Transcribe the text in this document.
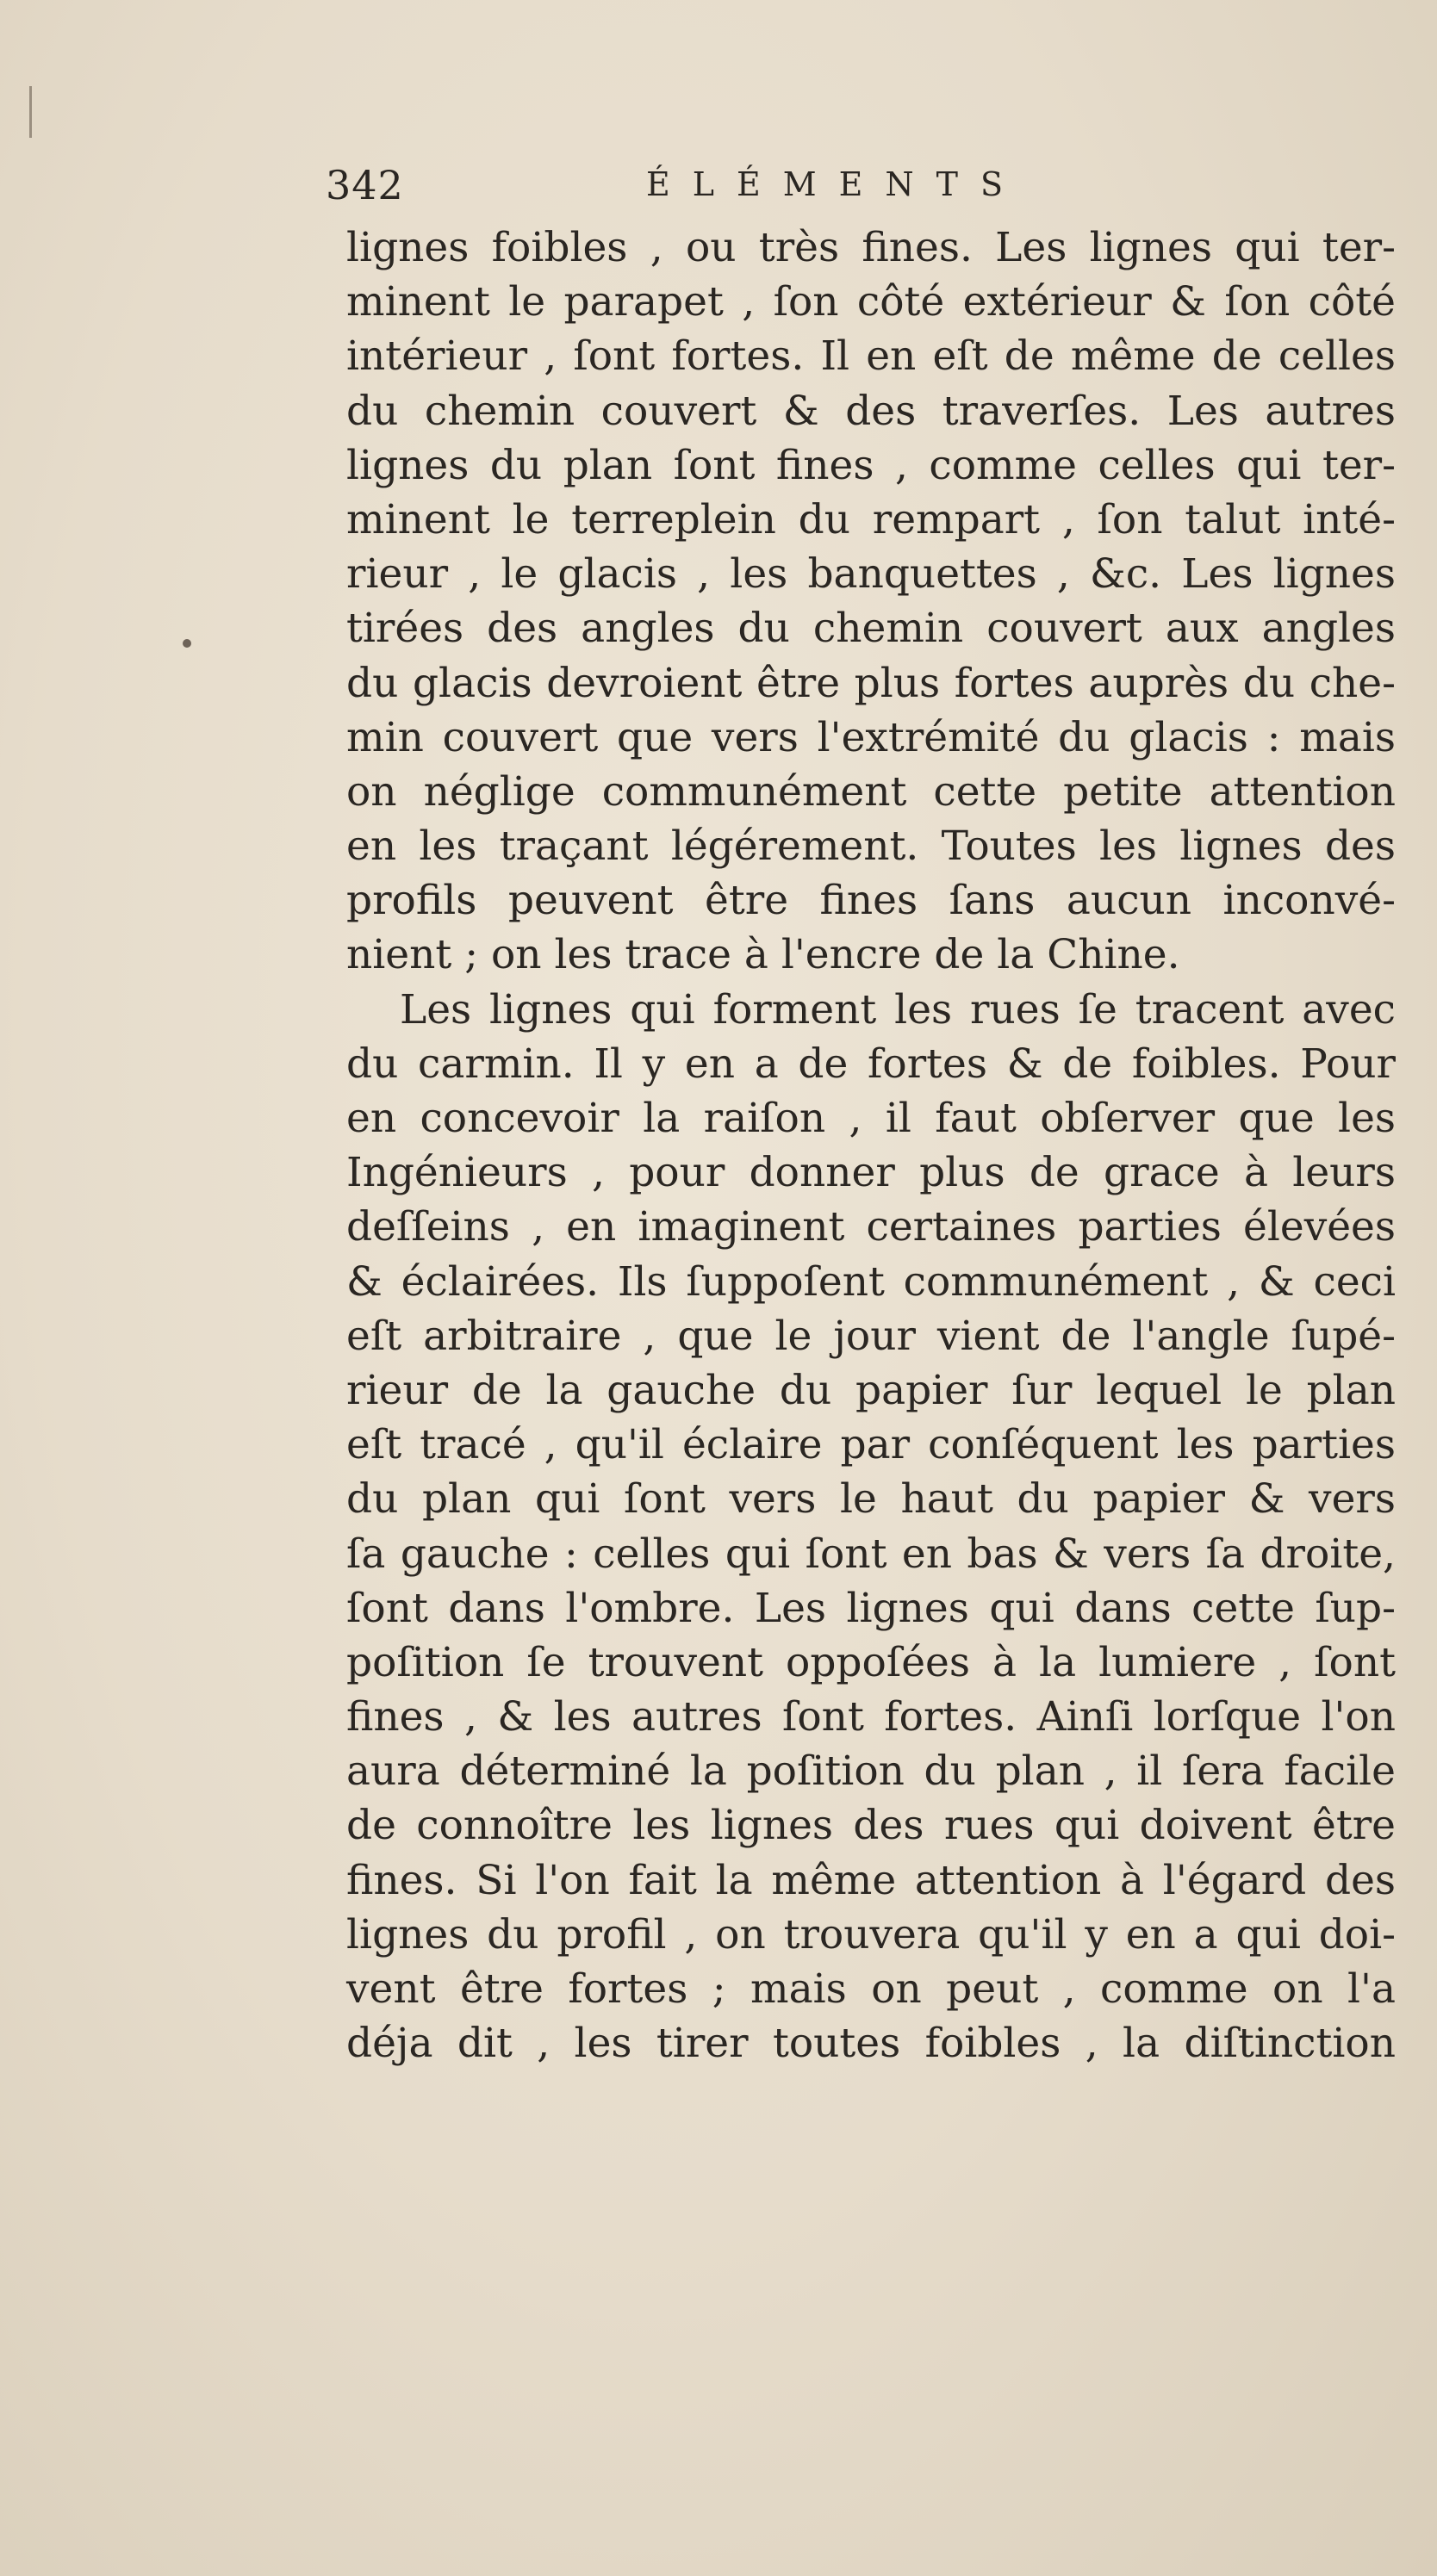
342	ÉLÉMENTS
lignes foibles , ou très fines. Les lignes qui ter-
minent le parapet , ſon côté extérieur & ſon côté
intérieur , ſont fortes. Il en eſt de même de celles
du chemin couvert & des traverſes. Les autres
lignes du plan ſont fines , comme celles qui ter-
minent le terreplein du rempart , ſon talut inté-
rieur , le glacis , les banquettes , &c. Les lignes
tirées des angles du chemin couvert aux angles
du glacis devroient être plus fortes auprès du che-
min couvert que vers l'extrémité du glacis : mais
on néglige communément cette petite attention
en les traçant légérement. Toutes les lignes des
profils peuvent être fines ſans aucun inconvé-
nient ; on les trace à l'encre de la Chine.
Les lignes qui forment les rues ſe tracent avec
du carmin. Il y en a de fortes & de foibles. Pour
en concevoir la raiſon , il faut obſerver que les
Ingénieurs , pour donner plus de grace à leurs
deſſeins , en imaginent certaines parties élevées
& éclairées. Ils ſuppoſent communément , & ceci
eſt arbitraire , que le jour vient de l'angle ſupé-
rieur de la gauche du papier ſur lequel le plan
eſt tracé , qu'il éclaire par conſéquent les parties
du plan qui ſont vers le haut du papier & vers
ſa gauche : celles qui ſont en bas & vers ſa droite,
ſont dans l'ombre. Les lignes qui dans cette ſup-
poſition ſe trouvent oppoſées à la lumiere , ſont
fines , & les autres ſont fortes. Ainſi lorſque l'on
aura déterminé la poſition du plan , il ſera facile
de connoître les lignes des rues qui doivent être
fines. Si l'on fait la même attention à l'égard des
lignes du profil , on trouvera qu'il y en a qui doi-
vent être fortes ; mais on peut , comme on l'a
déja dit , les tirer toutes foibles , la diſtinction
